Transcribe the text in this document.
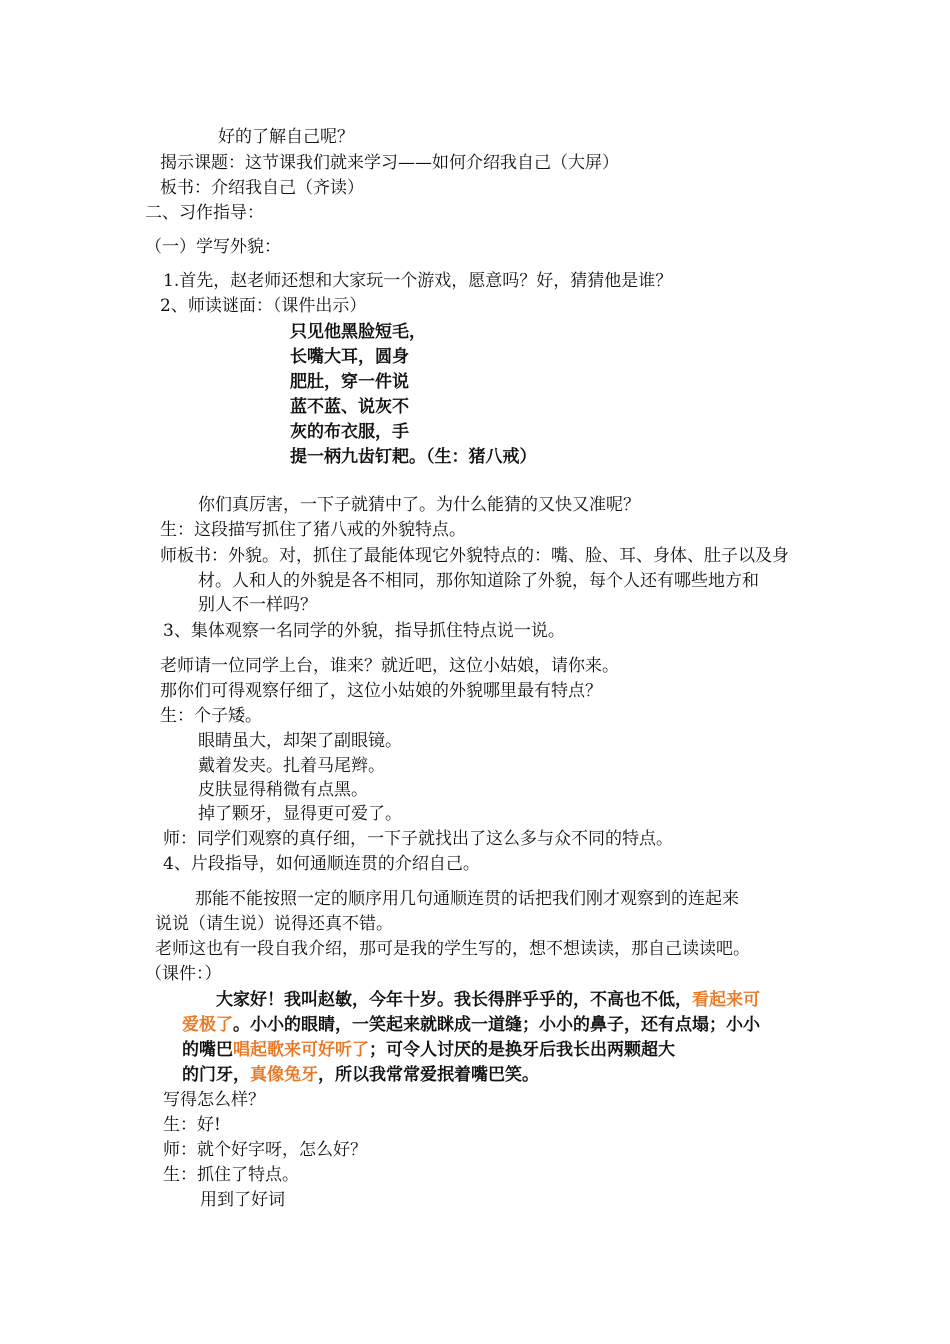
好的了解自己呢？
揭示课题：这节课我们就来学习——如何介绍我自己（大屏）
板书：介绍我自己（齐读）
二、习作指导：
（一）学写外貌：
1.首先，赵老师还想和大家玩一个游戏，愿意吗？好，猜猜他是谁？
2、师读谜面：（课件出示）
只见他黑脸短毛，
长嘴大耳，圆身
肥肚，穿一件说
蓝不蓝、说灰不
灰的布衣服，手
提一柄九齿钉耙。（生：猪八戒）
你们真厉害，一下子就猜中了。为什么能猜的又快又准呢？
生：这段描写抓住了猪八戒的外貌特点。
师板书：外貌。对，抓住了最能体现它外貌特点的：嘴、脸、耳、身体、肚子以及身
材。人和人的外貌是各不相同，那你知道除了外貌，每个人还有哪些地方和
别人不一样吗？
3、集体观察一名同学的外貌，指导抓住特点说一说。
老师请一位同学上台，谁来？就近吧，这位小姑娘，请你来。
那你们可得观察仔细了，这位小姑娘的外貌哪里最有特点？
生：个子矮。
眼睛虽大，却架了副眼镜。
戴着发夹。扎着马尾辫。
皮肤显得稍微有点黑。
掉了颗牙，显得更可爱了。
师：同学们观察的真仔细，一下子就找出了这么多与众不同的特点。
4、片段指导，如何通顺连贯的介绍自己。
那能不能按照一定的顺序用几句通顺连贯的话把我们刚才观察到的连起来
说说（请生说）说得还真不错。
老师这也有一段自我介绍，那可是我的学生写的，想不想读读，那自己读读吧。
（课件：）
大家好！我叫赵敏，今年十岁。我长得胖乎乎的，不高也不低，看起来可
爱极了。小小的眼睛，一笑起来就眯成一道缝；小小的鼻子，还有点塌；小小
的嘴巴唱起歌来可好听了；可令人讨厌的是换牙后我长出两颗超大
的门牙，真像兔牙，所以我常常爱抿着嘴巴笑。
写得怎么样？
生：好!
师：就个好字呀，怎么好？
生：抓住了特点。
用到了好词
